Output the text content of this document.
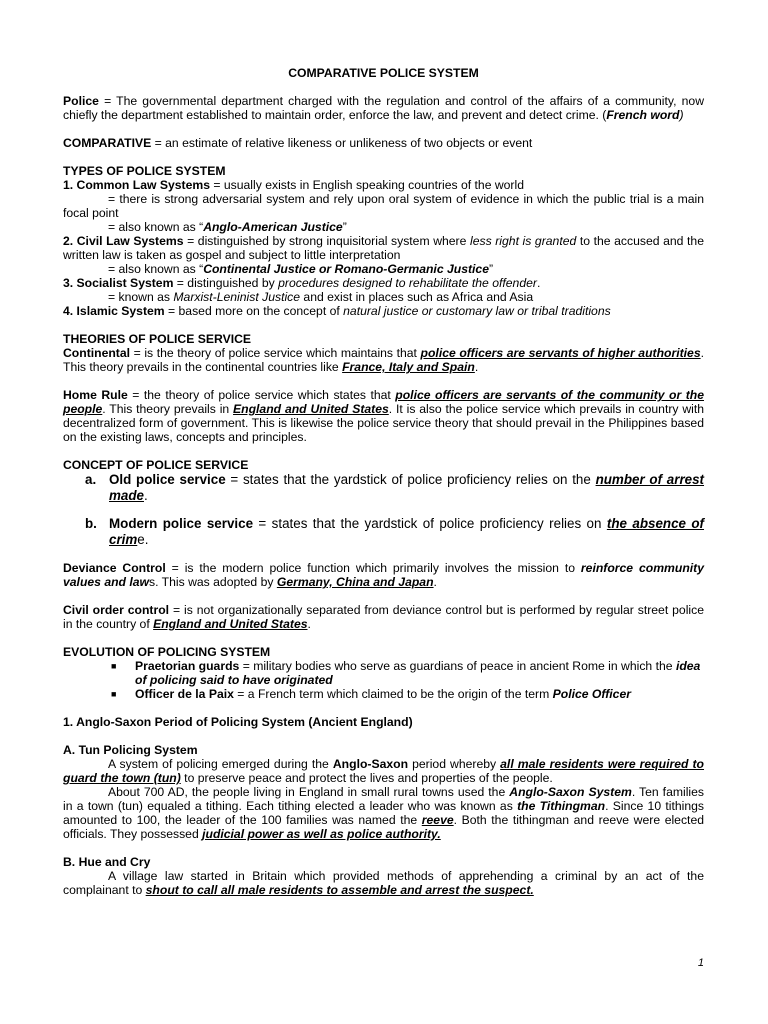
COMPARATIVE POLICE SYSTEM

Police = The governmental department charged with the regulation and control of the affairs of a community, now chiefly the department established to maintain order, enforce the law, and prevent and detect crime. (French word)

COMPARATIVE = an estimate of relative likeness or unlikeness of two objects or event

TYPES OF POLICE SYSTEM

1. Common Law Systems = usually exists in English speaking countries of the world

= there is strong adversarial system and rely upon oral system of evidence in which the public trial is a main focal point

= also known as “Anglo-American Justice”

2. Civil Law Systems = distinguished by strong inquisitorial system where less right is granted to the accused and the written law is taken as gospel and subject to little interpretation

= also known as “Continental Justice or Romano-Germanic Justice”

3. Socialist System = distinguished by procedures designed to rehabilitate the offender.

= known as Marxist-Leninist Justice and exist in places such as Africa and Asia

4. Islamic System = based more on the concept of natural justice or customary law or tribal traditions

THEORIES OF POLICE SERVICE

Continental = is the theory of police service which maintains that police officers are servants of higher authorities. This theory prevails in the continental countries like France, Italy and Spain.

Home Rule = the theory of police service which states that police officers are servants of the community or the people. This theory prevails in England and United States. It is also the police service which prevails in country with decentralized form of government. This is likewise the police service theory that should prevail in the Philippines based on the existing laws, concepts and principles.

CONCEPT OF POLICE SERVICE

a. Old police service = states that the yardstick of police proficiency relies on the number of arrest made.
b. Modern police service = states that the yardstick of police proficiency relies on the absence of crime.

Deviance Control = is the modern police function which primarily involves the mission to reinforce community values and laws. This was adopted by Germany, China and Japan.

Civil order control = is not organizationally separated from deviance control but is performed by regular street police in the country of England and United States.

EVOLUTION OF POLICING SYSTEM

■	Praetorian guards = military bodies who serve as guardians of peace in ancient Rome in which the idea of policing said to have originated
■	Officer de la Paix = a French term which claimed to be the origin of the term Police Officer

1. Anglo-Saxon Period of Policing System (Ancient England)

A. Tun Policing System

A system of policing emerged during the Anglo-Saxon period whereby all male residents were required to guard the town (tun) to preserve peace and protect the lives and properties of the people.

About 700 AD, the people living in England in small rural towns used the Anglo-Saxon System. Ten families in a town (tun) equaled a tithing. Each tithing elected a leader who was known as the Tithingman. Since 10 tithings amounted to 100, the leader of the 100 families was named the reeve. Both the tithingman and reeve were elected officials. They possessed judicial power as well as police authority.

B. Hue and Cry

A village law started in Britain which provided methods of apprehending a criminal by an act of the complainant to shout to call all male residents to assemble and arrest the suspect.

1
